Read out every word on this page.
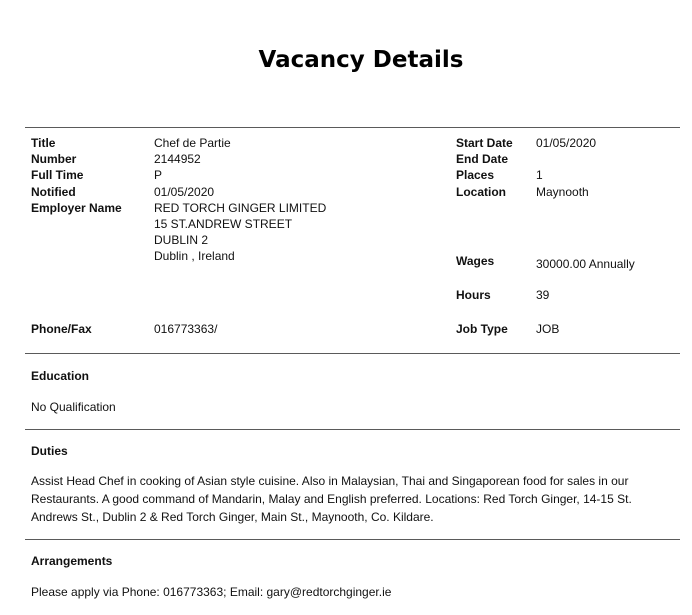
Vacancy Details
Title	Chef de Partie
Number	2144952
Full Time	P
Notified	01/05/2020
Employer Name	RED TORCH GINGER LIMITED
15 ST.ANDREW STREET
DUBLIN 2
Dublin , Ireland
Phone/Fax	016773363/
Start Date 01/05/2020
End Date
Places	1
Location	Maynooth
Wages	30000.00 Annually
Hours	39
Job Type JOB
Education
No Qualification
Duties
Assist Head Chef in cooking of Asian style cuisine. Also in Malaysian, Thai and Singaporean food for sales in our Restaurants. A good command of Mandarin, Malay and English preferred. Locations: Red Torch Ginger, 14-15 St. Andrews St., Dublin 2 & Red Torch Ginger, Main St., Maynooth, Co. Kildare.
Arrangements
Please apply via Phone: 016773363; Email: gary@redtorchginger.ie
